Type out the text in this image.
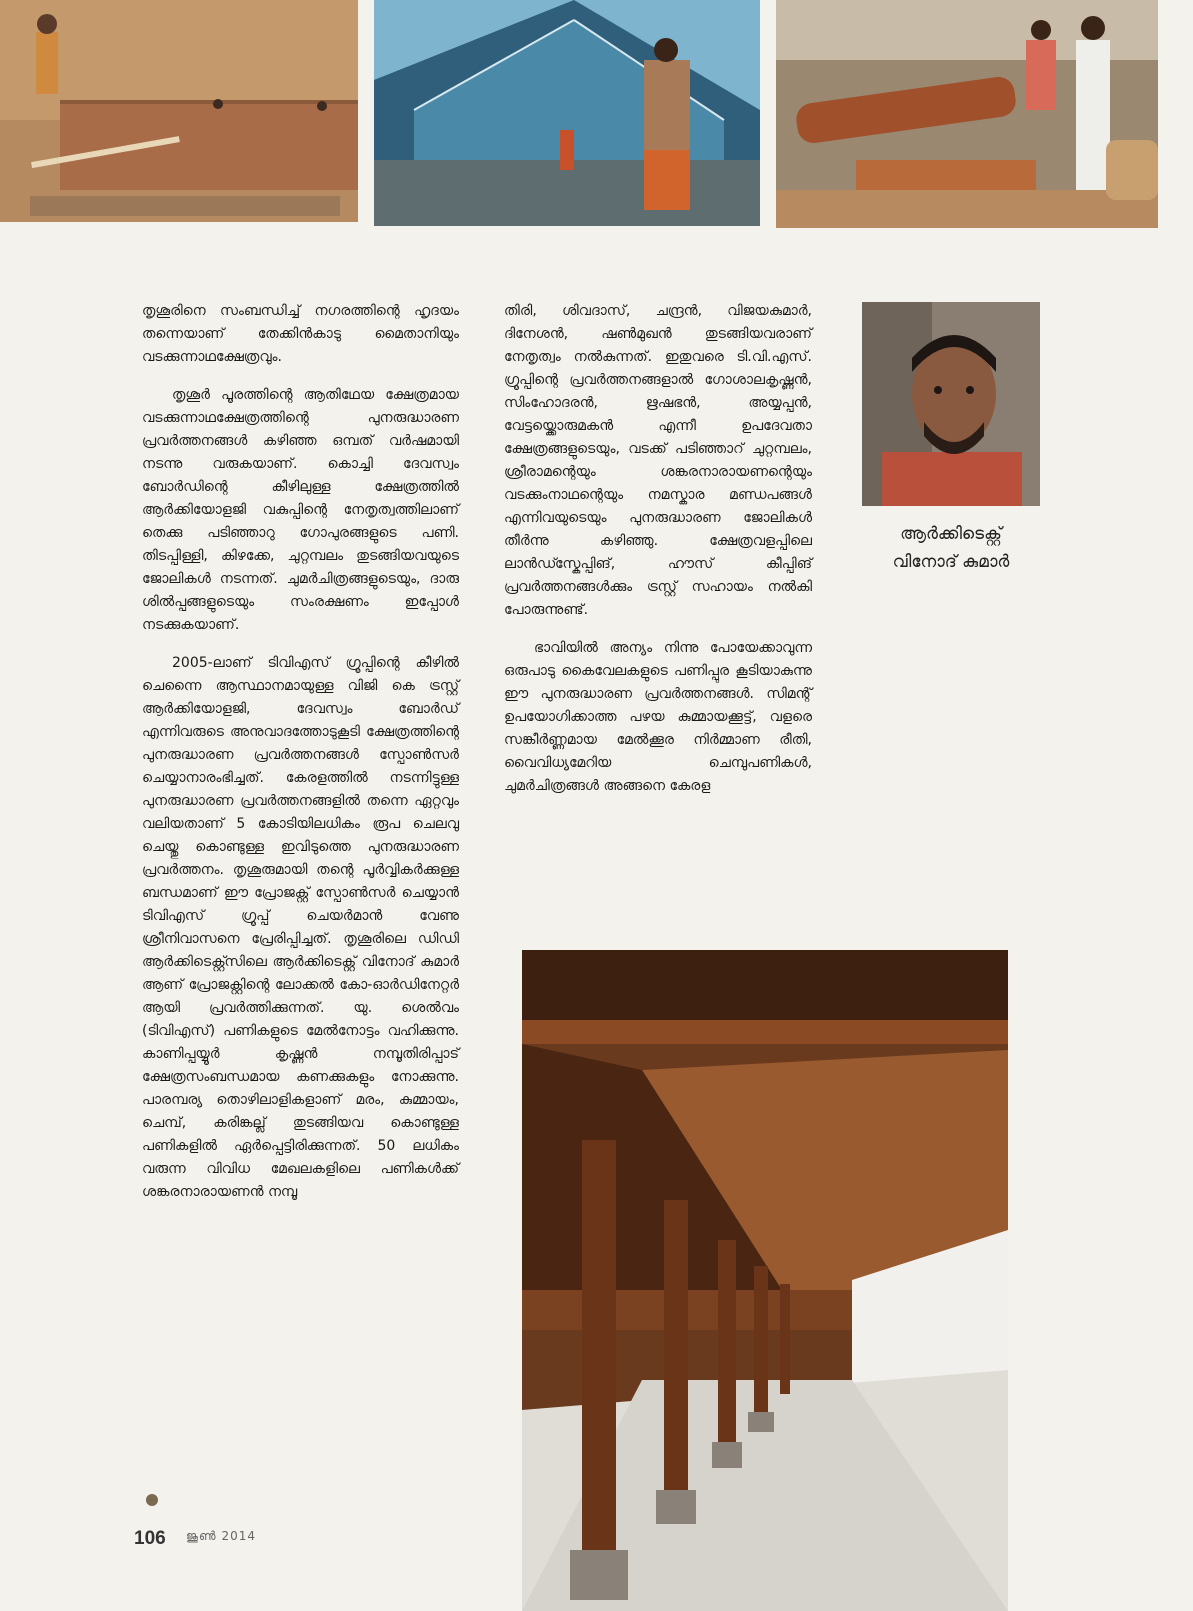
തൃശൂരിനെ സംബന്ധിച്ച് നഗരത്തിന്റെ ഹൃദയം തന്നെയാണ് തേക്കിൻകാടു മൈതാനിയും വടക്കുന്നാഥക്ഷേത്രവും.

തൃശൂർ പൂരത്തിന്റെ ആതിഥേയ ക്ഷേത്രമായ വടക്കുന്നാഥക്ഷേത്രത്തിന്റെ പുനരുദ്ധാരണ പ്രവർത്തനങ്ങൾ കഴിഞ്ഞ ഒമ്പത് വർഷമായി നടന്നു വരുകയാണ്. കൊച്ചി ദേവസ്വം ബോർഡിന്റെ കീഴിലുള്ള ക്ഷേത്രത്തിൽ ആർക്കിയോളജി വകുപ്പിന്റെ നേതൃത്വത്തിലാണ് തെക്കു പടിഞ്ഞാറു ഗോപുരങ്ങളുടെ പണി. തിടപ്പിള്ളി, കിഴക്കേ, ചുറ്റമ്പലം തുടങ്ങിയവയുടെ ജോലികൾ നടന്നത്. ചുമർചിത്രങ്ങളുടെയും, ദാരു ശിൽപ്പങ്ങളുടെയും സംരക്ഷണം ഇപ്പോൾ നടക്കുകയാണ്.

2005-ലാണ് ടിവിഎസ് ഗ്രൂപ്പിന്റെ കീഴിൽ ചെന്നൈ ആസ്ഥാനമായുള്ള വിജി കെ ട്രസ്റ്റ് ആർക്കിയോളജി, ദേവസ്വം ബോർഡ് എന്നിവരുടെ അനുവാദത്തോടുകൂടി ക്ഷേത്രത്തിന്റെ പുനരുദ്ധാരണ പ്രവർത്തനങ്ങൾ സ്പോൺസർ ചെയ്യാനാരംഭിച്ചത്. കേരളത്തിൽ നടന്നിട്ടുള്ള പുനരുദ്ധാരണ പ്രവർത്തനങ്ങളിൽ തന്നെ ഏറ്റവും വലിയതാണ് 5 കോടിയിലധികം രൂപ ചെലവു ചെയ്തു കൊണ്ടുള്ള ഇവിടുത്തെ പുനരുദ്ധാരണ പ്രവർത്തനം. തൃശൂരുമായി തന്റെ പൂർവ്വികർക്കുള്ള ബന്ധമാണ് ഈ പ്രോജക്റ്റ് സ്പോൺസർ ചെയ്യാൻ ടിവിഎസ് ഗ്രൂപ്പ് ചെയർമാൻ വേണു ശ്രീനിവാസനെ പ്രേരിപ്പിച്ചത്. തൃശൂരിലെ ഡിഡി ആർക്കിടെക്റ്റ്സിലെ ആർക്കിടെക്റ്റ് വിനോദ് കുമാർ ആണ് പ്രോജക്റ്റിന്റെ ലോക്കൽ കോ-ഓർഡിനേറ്റർ ആയി പ്രവർത്തിക്കുന്നത്. യു. ശെൽവം (ടിവിഎസ്) പണികളുടെ മേൽനോട്ടം വഹിക്കുന്നു. കാണിപ്പയ്യൂർ കൃഷ്ണൻ നമ്പൂതിരിപ്പാട് ക്ഷേത്രസംബന്ധമായ കണക്കുകളും നോക്കുന്നു. പാരമ്പര്യ തൊഴിലാളികളാണ് മരം, കുമ്മായം, ചെമ്പ്, കരിങ്കല്ല് തുടങ്ങിയവ കൊണ്ടുള്ള പണികളിൽ ഏർപ്പെട്ടിരിക്കുന്നത്. 50 ലധികം വരുന്ന വിവിധ മേഖലകളിലെ പണികൾക്ക് ശങ്കരനാരായണൻ നമ്പൂ

തിരി, ശിവദാസ്, ചന്ദ്രൻ, വിജയകുമാർ, ദിനേശൻ, ഷൺമുഖൻ തുടങ്ങിയവരാണ് നേതൃത്വം നൽകുന്നത്. ഇതുവരെ ടി.വി.എസ്. ഗ്രൂപ്പിന്റെ പ്രവർത്തനങ്ങളാൽ ഗോശാലകൃഷ്ണൻ, സിംഹോദരൻ, ഋഷഭൻ, അയ്യപ്പൻ, വേട്ടയ്ക്കൊരുമകൻ എന്നീ ഉപദേവതാ ക്ഷേത്രങ്ങളുടെയും, വടക്ക് പടിഞ്ഞാറ് ചുറ്റമ്പലം, ശ്രീരാമന്റെയും ശങ്കരനാരായണന്റെയും വടക്കുംനാഥന്റെയും നമസ്കാര മണ്ഡപങ്ങൾ എന്നിവയുടെയും പുനരുദ്ധാരണ ജോലികൾ തീർന്നു കഴിഞ്ഞു. ക്ഷേത്രവളപ്പിലെ ലാൻഡ്സ്കേപ്പിങ്, ഹൗസ് കീപ്പിങ് പ്രവർത്തനങ്ങൾക്കും ട്രസ്റ്റ് സഹായം നൽകി പോരുന്നുണ്ട്.

ഭാവിയിൽ അന്യം നിന്നു പോയേക്കാവുന്ന ഒരുപാടു കൈവേലകളുടെ പണിപ്പുര കൂടിയാകുന്നു ഈ പുനരുദ്ധാരണ പ്രവർത്തനങ്ങൾ. സിമന്റ് ഉപയോഗിക്കാത്ത പഴയ കുമ്മായക്കൂട്ട്, വളരെ സങ്കീർണ്ണമായ മേൽക്കൂര നിർമ്മാണ രീതി, വൈവിധ്യമേറിയ ചെമ്പുപണികൾ, ചുമർചിത്രങ്ങൾ അങ്ങനെ കേരള

ആർക്കിടെക്റ്റ്
വിനോദ് കുമാർ
106 ജൂൺ 2014
